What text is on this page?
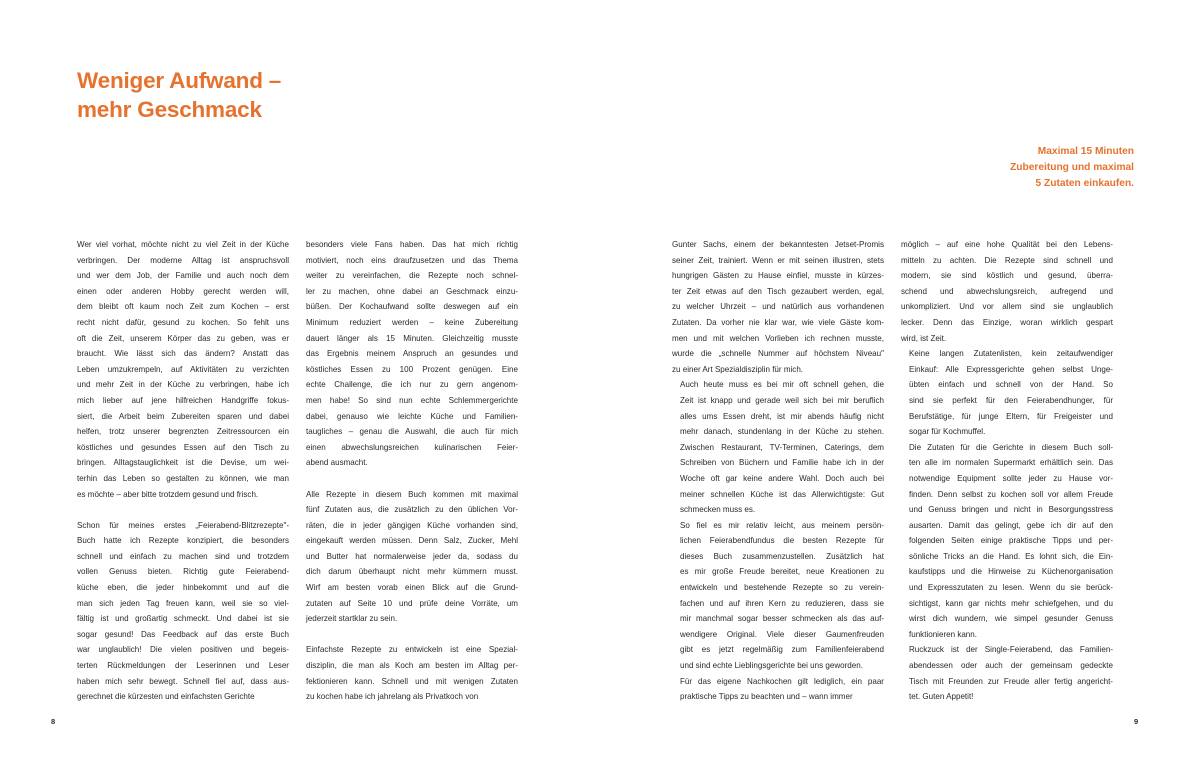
Weniger Aufwand –
mehr Geschmack
Maximal 15 Minuten
Zubereitung und maximal
5 Zutaten einkaufen.

Wer viel vorhat, möchte nicht zu viel Zeit in der Küche
verbringen. Der moderne Alltag ist anspruchsvoll
und wer dem Job, der Familie und auch noch dem
einen oder anderen Hobby gerecht werden will,
dem bleibt oft kaum noch Zeit zum Kochen – erst
recht nicht dafür, gesund zu kochen. So fehlt uns
oft die Zeit, unserem Körper das zu geben, was er
braucht. Wie lässt sich das ändern? Anstatt das
Leben umzukrempeln, auf Aktivitäten zu verzichten
und mehr Zeit in der Küche zu verbringen, habe ich
mich lieber auf jene hilfreichen Handgriffe fokus-
siert, die Arbeit beim Zubereiten sparen und dabei
helfen, trotz unserer begrenzten Zeitressourcen ein
köstliches und gesundes Essen auf den Tisch zu
bringen. Alltagstauglichkeit ist die Devise, um wei-
terhin das Leben so gestalten zu können, wie man
es möchte – aber bitte trotzdem gesund und frisch.

Schon für meines erstes „Feierabend-Blitzrezepte"-
Buch hatte ich Rezepte konzipiert, die besonders
schnell und einfach zu machen sind und trotzdem
vollen Genuss bieten. Richtig gute Feierabend-
küche eben, die jeder hinbekommt und auf die
man sich jeden Tag freuen kann, weil sie so viel-
fältig ist und großartig schmeckt. Und dabei ist sie
sogar gesund! Das Feedback auf das erste Buch
war unglaublich! Die vielen positiven und begeis-
terten Rückmeldungen der Leserinnen und Leser
haben mich sehr bewegt. Schnell fiel auf, dass aus-
gerechnet die kürzesten und einfachsten Gerichte

besonders viele Fans haben. Das hat mich richtig
motiviert, noch eins draufzusetzen und das Thema
weiter zu vereinfachen, die Rezepte noch schnel-
ler zu machen, ohne dabei an Geschmack einzu-
büßen. Der Kochaufwand sollte deswegen auf ein
Minimum reduziert werden – keine Zubereitung
dauert länger als 15 Minuten. Gleichzeitig musste
das Ergebnis meinem Anspruch an gesundes und
köstliches Essen zu 100 Prozent genügen. Eine
echte Challenge, die ich nur zu gern angenom-
men habe! So sind nun echte Schlemmergerichte
dabei, genauso wie leichte Küche und Familien-
taugliches – genau die Auswahl, die auch für mich
einen abwechslungsreichen kulinarischen Feier-
abend ausmacht.

Alle Rezepte in diesem Buch kommen mit maximal
fünf Zutaten aus, die zusätzlich zu den üblichen Vor-
räten, die in jeder gängigen Küche vorhanden sind,
eingekauft werden müssen. Denn Salz, Zucker, Mehl
und Butter hat normalerweise jeder da, sodass du
dich darum überhaupt nicht mehr kümmern musst.
Wirf am besten vorab einen Blick auf die Grund-
zutaten auf Seite 10 und prüfe deine Vorräte, um
jederzeit startklar zu sein.

Einfachste Rezepte zu entwickeln ist eine Spezial-
disziplin, die man als Koch am besten im Alltag per-
fektionieren kann. Schnell und mit wenigen Zutaten
zu kochen habe ich jahrelang als Privatkoch von

Gunter Sachs, einem der bekanntesten Jetset-Promis
seiner Zeit, trainiert. Wenn er mit seinen illustren, stets
hungrigen Gästen zu Hause einfiel, musste in kürzes-
ter Zeit etwas auf den Tisch gezaubert werden, egal,
zu welcher Uhrzeit – und natürlich aus vorhandenen
Zutaten. Da vorher nie klar war, wie viele Gäste kom-
men und mit welchen Vorlieben ich rechnen musste,
wurde die „schnelle Nummer auf höchstem Niveau"
zu einer Art Spezialdisziplin für mich.

Auch heute muss es bei mir oft schnell gehen, die
Zeit ist knapp und gerade weil sich bei mir beruflich
alles ums Essen dreht, ist mir abends häufig nicht
mehr danach, stundenlang in der Küche zu stehen.
Zwischen Restaurant, TV-Terminen, Caterings, dem
Schreiben von Büchern und Familie habe ich in der
Woche oft gar keine andere Wahl. Doch auch bei
meiner schnellen Küche ist das Allerwichtigste: Gut
schmecken muss es.

So fiel es mir relativ leicht, aus meinem persön-
lichen Feierabendfundus die besten Rezepte für
dieses Buch zusammenzustellen. Zusätzlich hat
es mir große Freude bereitet, neue Kreationen zu
entwickeln und bestehende Rezepte so zu verein-
fachen und auf ihren Kern zu reduzieren, dass sie
mir manchmal sogar besser schmecken als das auf-
wendigere Original. Viele dieser Gaumenfreuden
gibt es jetzt regelmäßig zum Familienfeierabend
und sind echte Lieblingsgerichte bei uns geworden.

Für das eigene Nachkochen gilt lediglich, ein paar
praktische Tipps zu beachten und – wann immer

möglich – auf eine hohe Qualität bei den Lebens-
mitteln zu achten. Die Rezepte sind schnell und
modern, sie sind köstlich und gesund, überra-
schend und abwechslungsreich, aufregend und
unkompliziert. Und vor allem sind sie unglaublich
lecker. Denn das Einzige, woran wirklich gespart
wird, ist Zeit.

Keine langen Zutatenlisten, kein zeitaufwendiger
Einkauf: Alle Expressgerichte gehen selbst Unge-
übten einfach und schnell von der Hand. So
sind sie perfekt für den Feierabendhunger, für
Berufstätige, für junge Eltern, für Freigeister und
sogar für Kochmuffel.

Die Zutaten für die Gerichte in diesem Buch soll-
ten alle im normalen Supermarkt erhältlich sein. Das
notwendige Equipment sollte jeder zu Hause vor-
finden. Denn selbst zu kochen soll vor allem Freude
und Genuss bringen und nicht in Besorgungsstress
ausarten. Damit das gelingt, gebe ich dir auf den
folgenden Seiten einige praktische Tipps und per-
sönliche Tricks an die Hand. Es lohnt sich, die Ein-
kaufstipps und die Hinweise zu Küchenorganisation
und Expresszutaten zu lesen. Wenn du sie berück-
sichtigst, kann gar nichts mehr schiefgehen, und du
wirst dich wundern, wie simpel gesunder Genuss
funktionieren kann.

Ruckzuck ist der Single-Feierabend, das Familien-
abendessen oder auch der gemeinsam gedeckte
Tisch mit Freunden zur Freude aller fertig angericht-
tet. Guten Appetit!

8	9
